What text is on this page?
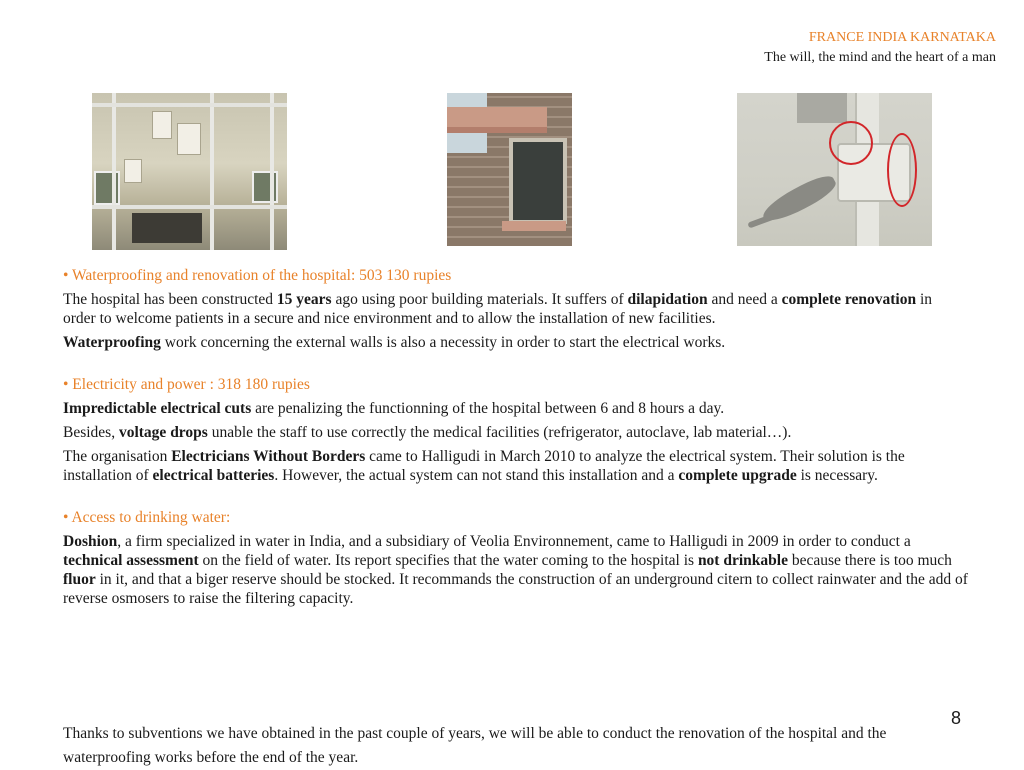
FRANCE INDIA KARNATAKA
The will, the mind and the heart of a man

• Waterproofing and renovation of the hospital: 503 130 rupies

The hospital has been constructed 15 years ago using poor building materials. It suffers of dilapidation and need a complete renovation in order to welcome patients in a secure and nice environment and to allow the installation of new facilities.

Waterproofing work concerning the external walls is also a necessity in order to start the electrical works.

• Electricity and power : 318 180 rupies

Impredictable electrical cuts are penalizing the functionning of the hospital between 6 and 8 hours a day.

Besides, voltage drops unable the staff to use correctly the medical facilities (refrigerator, autoclave, lab material…).

The organisation Electricians Without Borders came to Halligudi in March 2010 to analyze the electrical system. Their solution is the installation of electrical batteries. However, the actual system can not stand this installation and a complete upgrade is necessary.

• Access to drinking water:

Doshion, a firm specialized in water in India, and a subsidiary of Veolia Environnement, came to Halligudi in 2009 in order to conduct a technical assessment on the field of water. Its report specifies that the water coming to the hospital is not drinkable because there is too much fluor in it, and that a biger reserve should be stocked. It recommands the construction of an underground citern to collect rainwater and the add of reverse osmosers to raise the filtering capacity.

Thanks to subventions we have obtained in the past couple of years, we will be able to conduct the renovation of the hospital and the waterproofing works before the end of the year.

8
